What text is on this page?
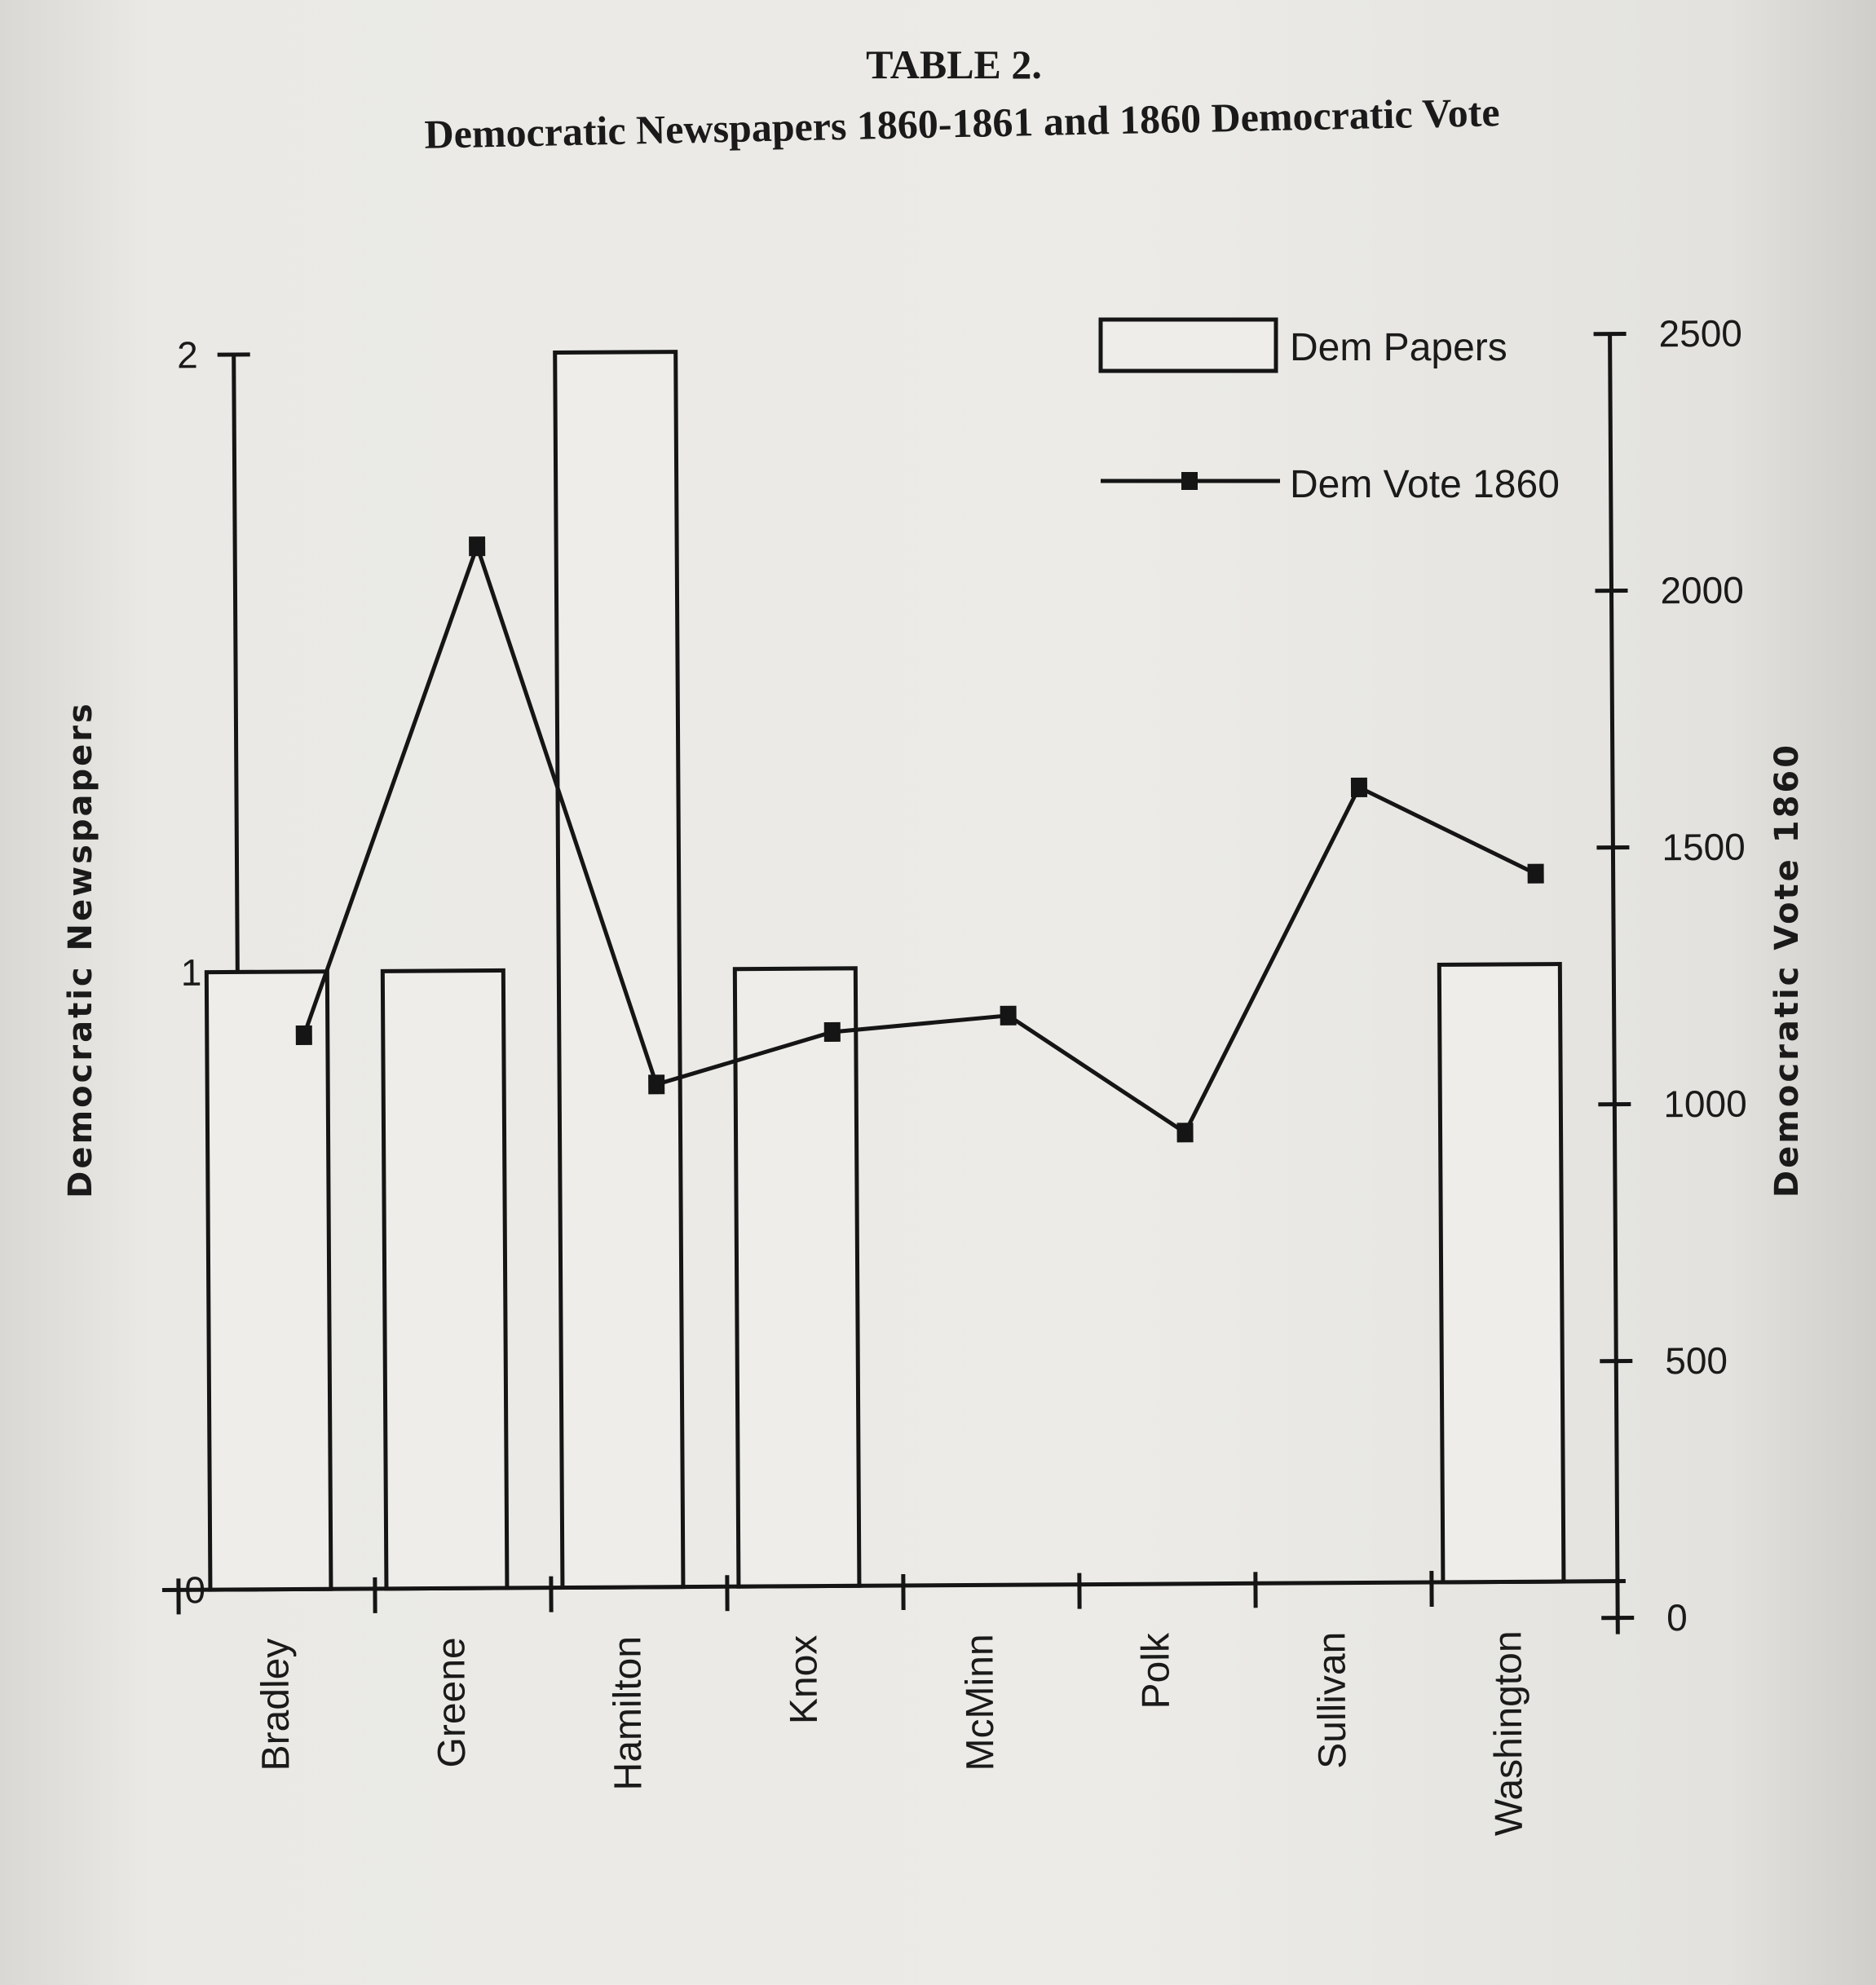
TABLE 2.
Democratic Newspapers 1860-1861 and 1860 Democratic Vote
0
1
2
0
500
1000
1500
2000
2500
Bradley	Greene	Hamilton	Knox	McMinn	Polk	Sullivan	Washington
Dem Papers
Dem Vote 1860
Democratic Newspapers	Democratic Vote 1860
